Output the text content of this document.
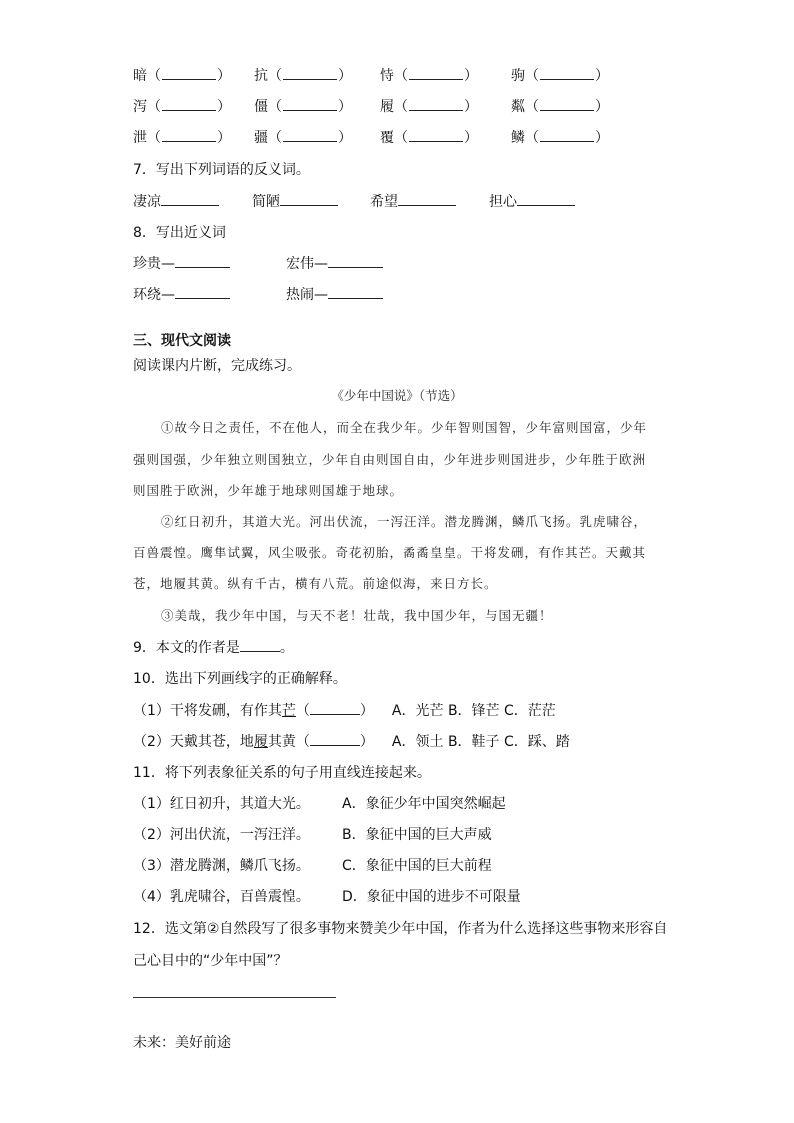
暗（	） 抗（	） 恃（	） 驹（	）
泻（	） 僵（	） 履（	） 粼（	）
泄（	） 疆（	） 覆（	） 鳞（	）
7．写出下列词语的反义词。
凄凉	简陋	希望	担心
8．写出近义词
珍贵—	宏伟—
环绕—	热闹—
三、现代文阅读
阅读课内片断，完成练习。
《少年中国说》（节选）
①故今日之责任，不在他人，而全在我少年。少年智则国智，少年富则国富，少年
强则国强，少年独立则国独立，少年自由则国自由，少年进步则国进步，少年胜于欧洲
则国胜于欧洲，少年雄于地球则国雄于地球。
②红日初升，其道大光。河出伏流，一泻汪洋。潜龙腾渊，鳞爪飞扬。乳虎啸谷，
百兽震惶。鹰隼试翼，风尘吸张。奇花初胎，矞矞皇皇。干将发硎，有作其芒。天戴其
苍，地履其黄。纵有千古，横有八荒。前途似海，来日方长。
③美哉，我少年中国，与天不老！壮哉，我中国少年，与国无疆！
9．本文的作者是	。
10．选出下列画线字的正确解释。
（1）干将发硎，有作其芒（	） A．光芒 B．锋芒 C．茫茫
（2）天戴其苍，地履其黄（	） A．领土 B．鞋子 C．踩、踏
11．将下列表象征关系的句子用直线连接起来。
（1）红日初升，其道大光。 A．象征少年中国突然崛起
（2）河出伏流，一泻汪洋。 B．象征中国的巨大声威
（3）潜龙腾渊，鳞爪飞扬。 C．象征中国的巨大前程
（4）乳虎啸谷，百兽震惶。 D．象征中国的进步不可限量
12．选文第②自然段写了很多事物来赞美少年中国，作者为什么选择这些事物来形容自
己心目中的“少年中国”？
未来：美好前途
